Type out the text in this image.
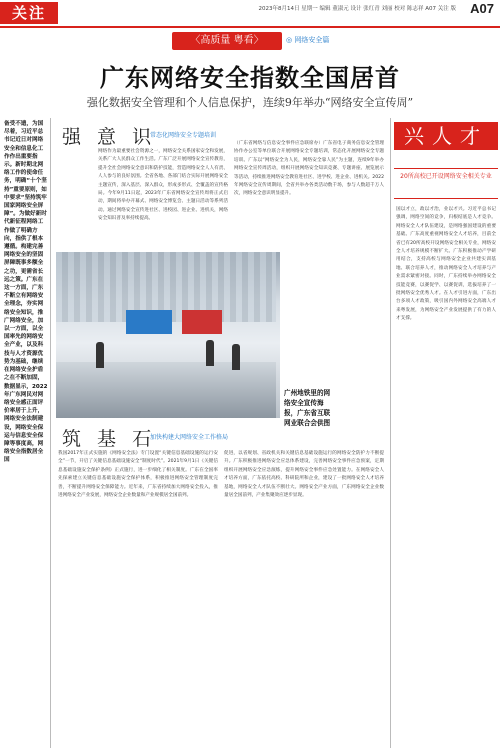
关注	2023年8月14日 星期一 编辑 董淑元 设计 张红青 刘丽 校对 陈志祥 A07 关注 版 A07
〈高质量 粤看〉	◎ 网络安全篇
广东网络安全指数全国居首
强化数据安全管理和个人信息保护，连续9年举办“网络安全宣传周”
备受不遗，为国尽着，习近平总书记近日对网络安全和信息化工作作出重要指示。新时期北网络工作的使命任务，明确“十个坚持”重要原则，如中要求“坚持筑牢国家网络安全屏障”。为做好新时代新征程网络工作做了明确方向，指供了根本遵循。构建完善网络安全的坚固屏障既事多额全之功，更需省长远之策。广东在这一方面，广东不断立有网络安全理念，夯实网络安全知识，推广网络安全，加以一方面，以全国率先的网络安全产业，以及科技与人才资源优势为基础，继续在网络安全护盾之在不断加固，数据显示，2022年广东网民对网络安全感正面评价率居于上升，网络安全法制建设，网络安全保运与信息安全保障等事度高，网络安全指数居全国
强 意 识
常态化网络安全专题培训
网络作为最重要社会资源之一，网络安全关系国家安全和发展，关系广大人民群众工作生活。广东广泛开展网络安全宣传教育，提升全社会网络安全意识和防护技能，营造网络安全人人有责、人人参与的良好氛围。全省各地、各部门结合实际开展网络安全主题宣传，深入基层、深入群众，形成多形式、全覆盖的宣传格局。今年9月11日起，2023年广东省网络安全宣传周将正式启动，期间将举办开幕式、网络安全博览会、主题日活动等系列活动。通过网络安全宣传进社区、进校园、进企业、进机关，网络安全知识普及率持续提高。
（广东省网络与信息安全事件应急联席办）广东省电子商务信息安全管理协作办公室等单位联合开展网络安全专题培训，常态化开展网络安全专题培训。广东以“网络安全为人民，网络安全靠人民”为主题，连续9年举办网络安全宣传周活动，组织开展网络安全知识竞赛、专题讲座、展览展示等活动，持续推进网络安全教育进社区、进学校、进企业、进机关。2022年网络安全宣传周期间，全省共举办各类活动数千场，参与人数超千万人次，网络安全意识明显提升。
广州地铁里的网络安全宣传海报，广东省互联网业联合会供图
筑 基 石
加快构建大网络安全工作格局
我国2017年正式实施的《网络安全法》专门设置“关键信息基础设施的运行安全”一节，开启了关键信息基础设施安全“制度时代”。2021年9月1日《关键信息基础设施安全保护条例》正式施行，进一步细化了相关制度。广东在全国率先探索建立关键信息基础设施安全保护体系，积极推进网络安全管理制度完善，不断提升网络安全保障能力。近年来，广东省持续加大网络安全投入，推进网络安全产业发展，网络安全企业数量和产业规模居全国前列。
促进，以省规划、省政机关和关键信息基础设施运行的网络安全防护力不断提升。广东积极推进网络安全应急体系建设，完善网络安全事件应急预案，定期组织开展网络安全应急演练，提升网络安全事件应急处置能力。在网络安全人才培养方面，广东依托高校、科研院所和企业，建设了一批网络安全人才培养基地，网络安全人才队伍不断壮大。网络安全产业方面，广东网络安全企业数量居全国前列，产业集聚效应逐步显现。
兴人才
20所高校已开设网络安全相关专业
国以才立，政以才治，业以才兴。习近平总书记强调，网络空间的竞争，归根结底是人才竞争。网络安全人才队伍建设，是网络强国建设的重要基础。广东高度重视网络安全人才培养，目前全省已有20所高校开设网络安全相关专业，网络安全人才培养规模不断扩大。广东积极推动产学研用结合，支持高校与网络安全企业共建实训基地、联合培养人才，推动网络安全人才培养与产业需求紧密对接。同时，广东持续举办网络安全技能竞赛，以赛促学、以赛促训，选拔培养了一批网络安全优秀人才。在人才引进方面，广东出台多项人才政策，吸引国内外网络安全高端人才来粤发展，为网络安全产业发展提供了有力的人才支撑。
